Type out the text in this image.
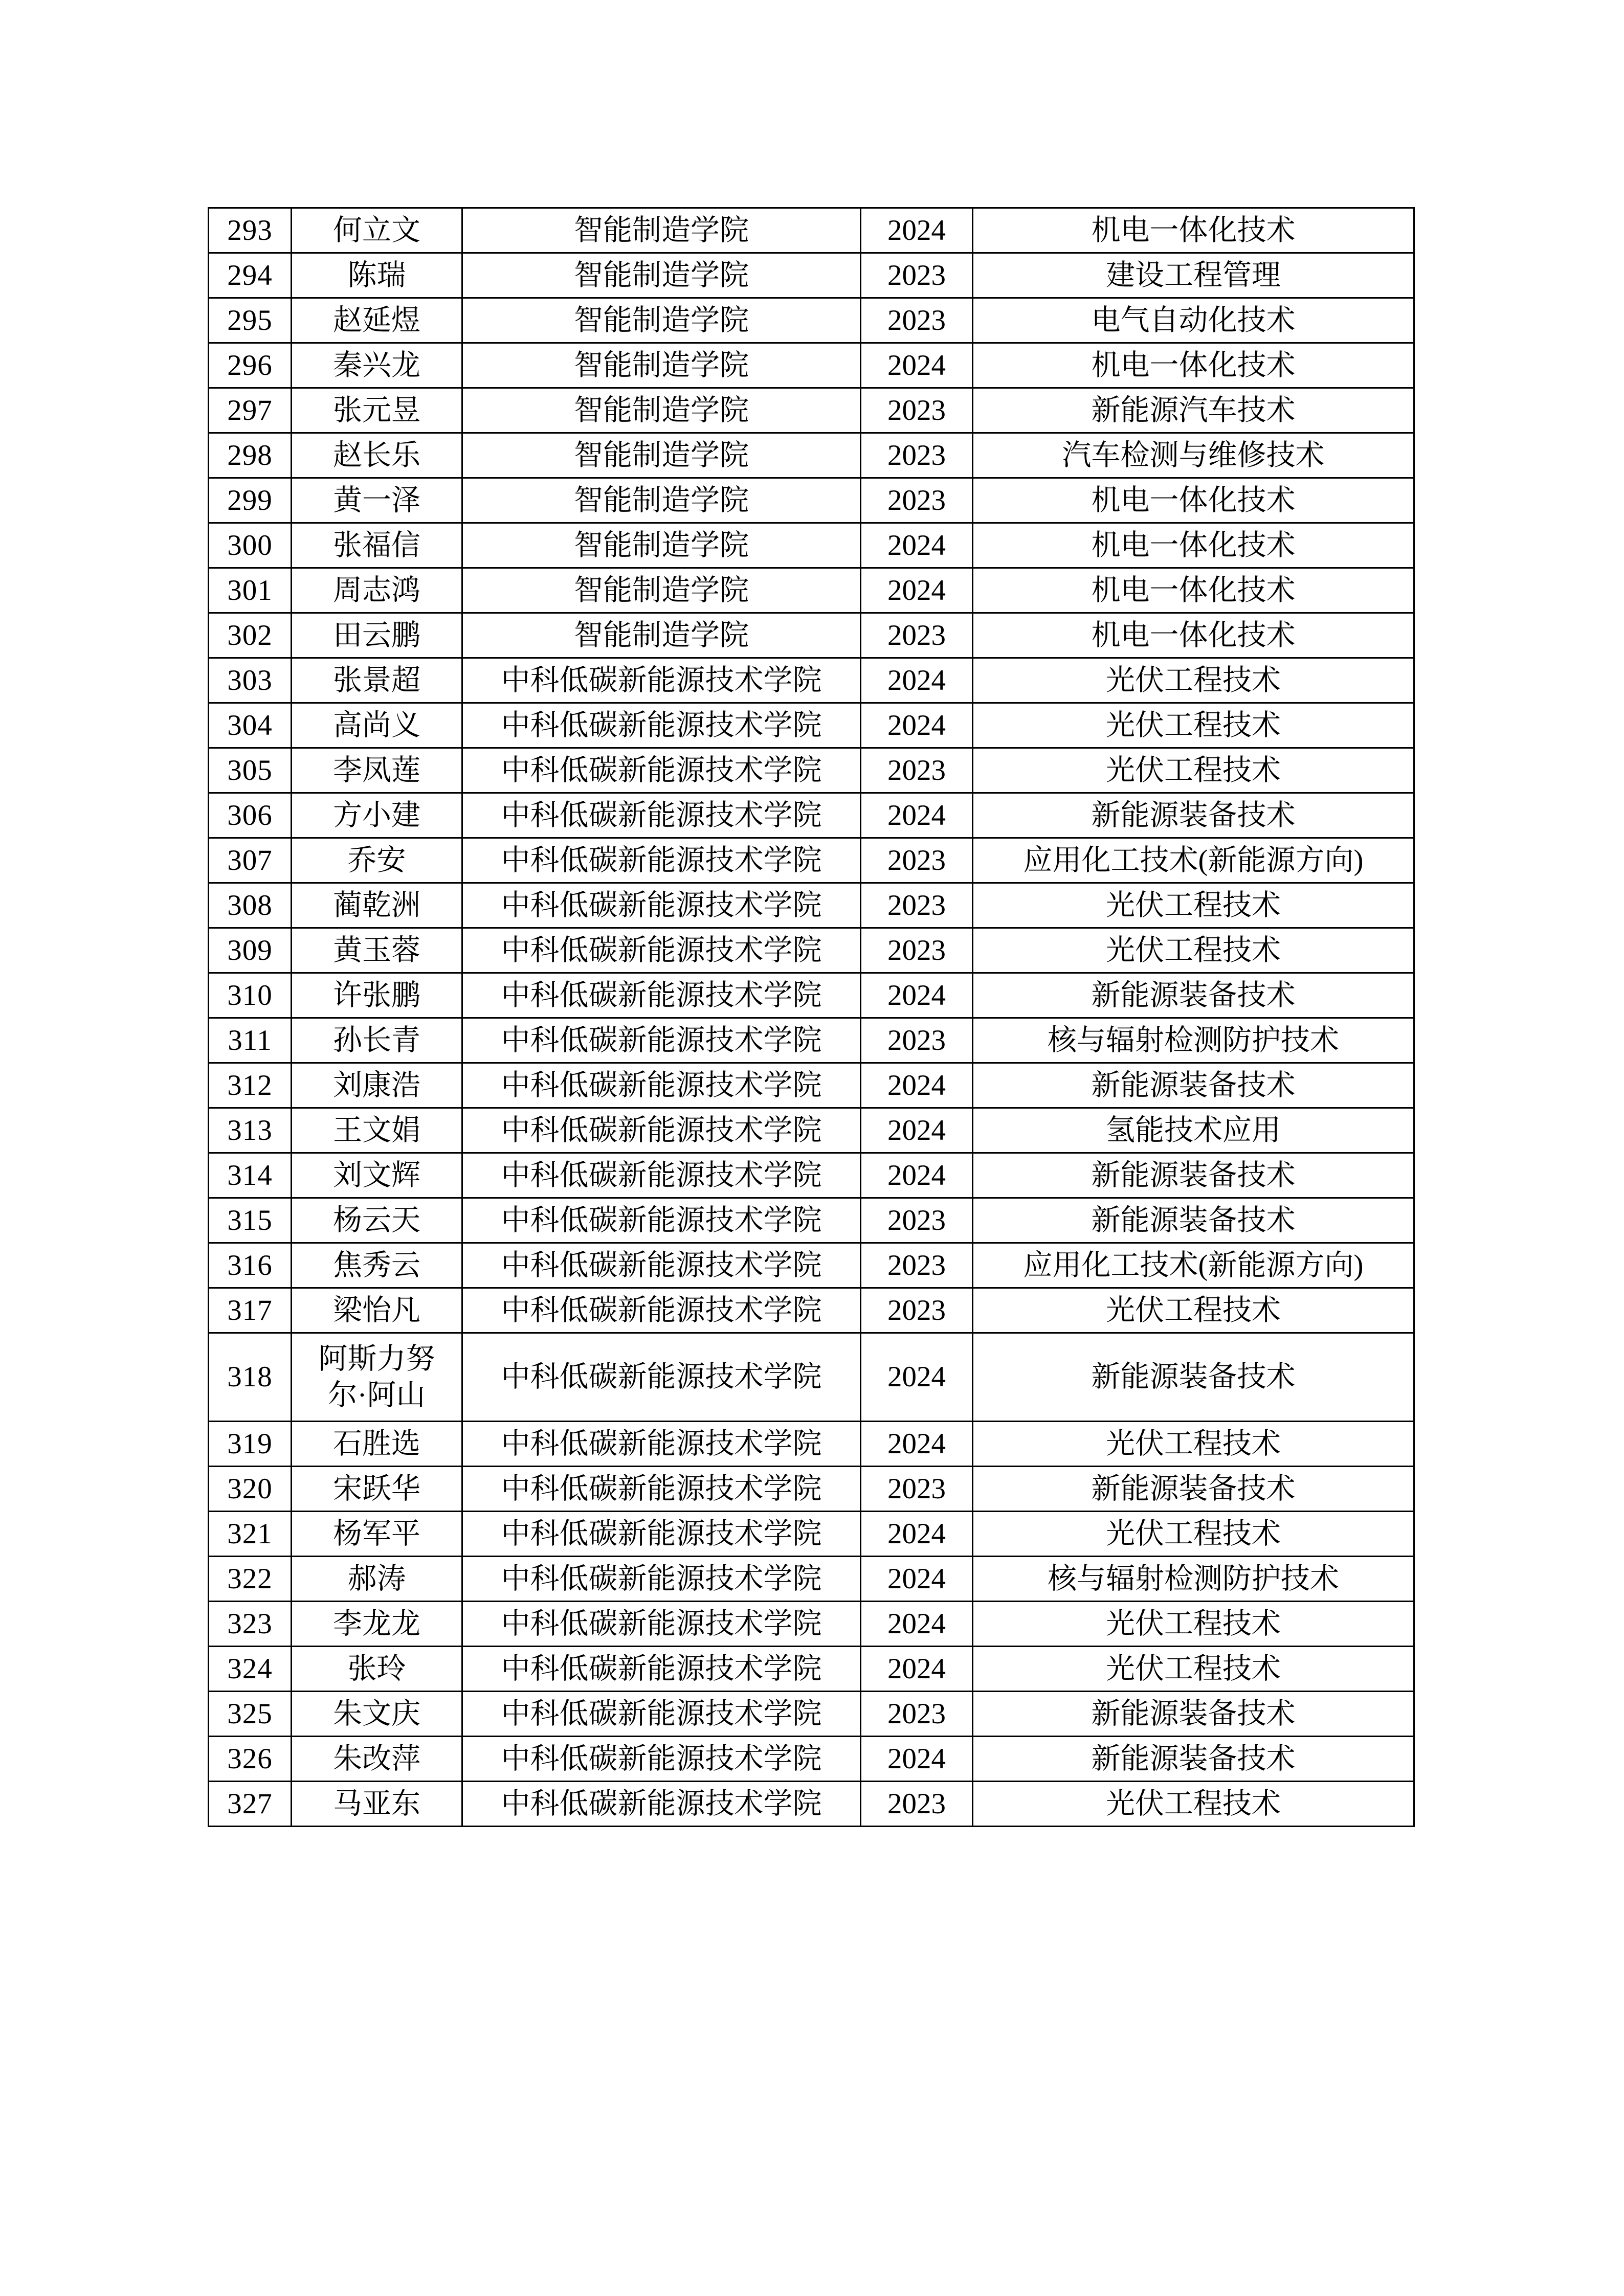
293	何立文	智能制造学院	2024	机电一体化技术
294	陈瑞	智能制造学院	2023	建设工程管理
295	赵延煜	智能制造学院	2023	电气自动化技术
296	秦兴龙	智能制造学院	2024	机电一体化技术
297	张元昱	智能制造学院	2023	新能源汽车技术
298	赵长乐	智能制造学院	2023	汽车检测与维修技术
299	黄一泽	智能制造学院	2023	机电一体化技术
300	张福信	智能制造学院	2024	机电一体化技术
301	周志鸿	智能制造学院	2024	机电一体化技术
302	田云鹏	智能制造学院	2023	机电一体化技术
303	张景超	中科低碳新能源技术学院	2024	光伏工程技术
304	高尚义	中科低碳新能源技术学院	2024	光伏工程技术
305	李凤莲	中科低碳新能源技术学院	2023	光伏工程技术
306	方小建	中科低碳新能源技术学院	2024	新能源装备技术
307	乔安	中科低碳新能源技术学院	2023	应用化工技术(新能源方向)
308	蔺乾洲	中科低碳新能源技术学院	2023	光伏工程技术
309	黄玉蓉	中科低碳新能源技术学院	2023	光伏工程技术
310	许张鹏	中科低碳新能源技术学院	2024	新能源装备技术
311	孙长青	中科低碳新能源技术学院	2023	核与辐射检测防护技术
312	刘康浩	中科低碳新能源技术学院	2024	新能源装备技术
313	王文娟	中科低碳新能源技术学院	2024	氢能技术应用
314	刘文辉	中科低碳新能源技术学院	2024	新能源装备技术
315	杨云天	中科低碳新能源技术学院	2023	新能源装备技术
316	焦秀云	中科低碳新能源技术学院	2023	应用化工技术(新能源方向)
317	梁怡凡	中科低碳新能源技术学院	2023	光伏工程技术
318	阿斯力努尔·阿山	中科低碳新能源技术学院	2024	新能源装备技术
319	石胜选	中科低碳新能源技术学院	2024	光伏工程技术
320	宋跃华	中科低碳新能源技术学院	2023	新能源装备技术
321	杨军平	中科低碳新能源技术学院	2024	光伏工程技术
322	郝涛	中科低碳新能源技术学院	2024	核与辐射检测防护技术
323	李龙龙	中科低碳新能源技术学院	2024	光伏工程技术
324	张玲	中科低碳新能源技术学院	2024	光伏工程技术
325	朱文庆	中科低碳新能源技术学院	2023	新能源装备技术
326	朱改萍	中科低碳新能源技术学院	2024	新能源装备技术
327	马亚东	中科低碳新能源技术学院	2023	光伏工程技术
